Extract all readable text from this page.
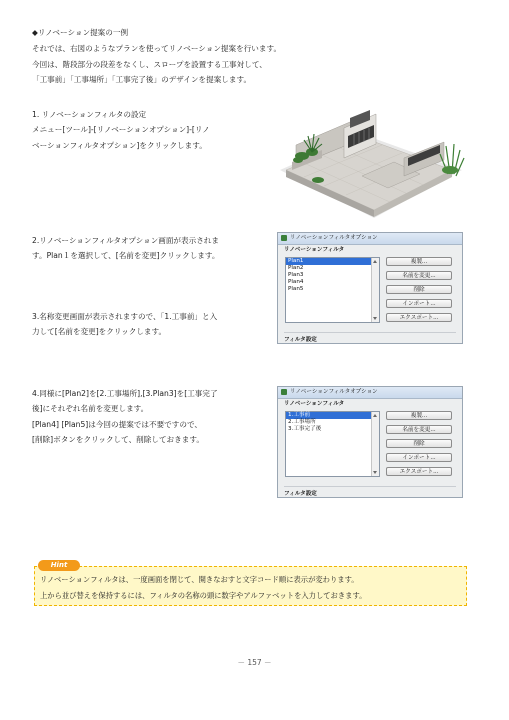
◆リノベーション提案の一例
それでは、右図のようなプランを使ってリノベーション提案を行います。
今回は、階段部分の段差をなくし、スロープを設置する工事対して、
「工事前」「工事場所」「工事完了後」のデザインを提案します。
1. リノベーションフィルタの設定
メニュー[ツール]-[リノベーションオプション]-[リノ
ベーションフィルタオプション]をクリックします。
2.リノベーションフィルタオプション画面が表示されま
す。Plan１を選択して、[名前を変更]クリックします。
3.名称変更画面が表示されますので、「1.工事前」と入
力して[名前を変更]をクリックします。
4.同様に[Plan2]を[2.工事場所],[3.Plan3]を[工事完了
後]にそれぞれ名前を変更します。
[Plan4] [Plan5]は今回の提案では不要ですので、
[削除]ボタンをクリックして、削除しておきます。
リノベーションフィルタオプション
リノベーションフィルタ
Plan1
Plan2
Plan3
Plan4
Plan5
複製...
名前を変更...
削除
インポート...
エクスポート...
フィルタ設定
リノベーションフィルタオプション
リノベーションフィルタ
1.工事前
2.工事場所
3.工事完了後
複製...
名前を変更...
削除
インポート...
エクスポート...
フィルタ設定
Hint
リノベーションフィルタは、一度画面を閉じて、開きなおすと文字コード順に表示が変わります。
上から並び替えを保持するには、フィルタの名称の頭に数字やアルファベットを入力しておきます。
－ 157 －
